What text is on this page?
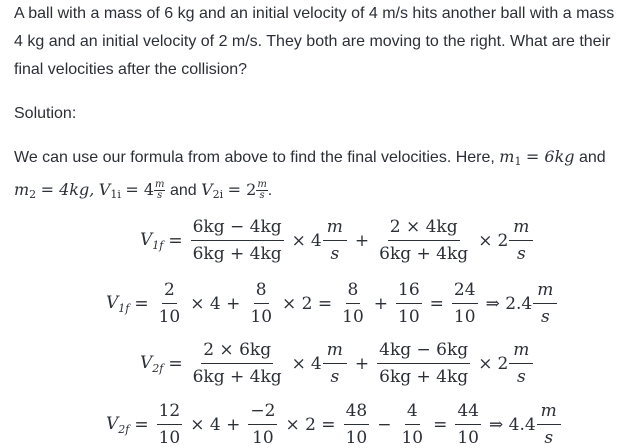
A ball with a mass of 6 kg and an initial velocity of 4 m/s hits another ball with a mass 4 kg and an initial velocity of 2 m/s. They both are moving to the right. What are their final velocities after the collision?

Solution:

We can use our formula from above to find the final velocities. Here, $m_1 = 6kg$ and $m_2 = 4kg$, $V_{1i} = 4 \frac{m}{s}$ and $V_{2i} = 2 \frac{m}{s}$ .

$V_{1f} = \frac{6kg - 4kg}{6kg + 4kg} \times 4 \frac{m}{s} + \frac{2 \times 4kg}{6kg + 4kg} \times 2 \frac{m}{s}$
$V_{1f} = \frac{2}{10} \times 4 + \frac{8}{10} \times 2 = \frac{8}{10} + \frac{16}{10} = \frac{24}{10}$ ⇒ $2.4 \frac{m}{s}$
$V_{2f} = \frac{2 \times 6kg}{6kg + 4kg} \times 4 \frac{m}{s} + \frac{4kg - 6kg}{6kg + 4kg} \times 2 \frac{m}{s}$
$V_{2f} = \frac{12}{10} \times 4 + \frac{-2}{10} \times 2 = \frac{48}{10} - \frac{4}{10} = \frac{44}{10}$ ⇒ $4.4 \frac{m}{s}$
